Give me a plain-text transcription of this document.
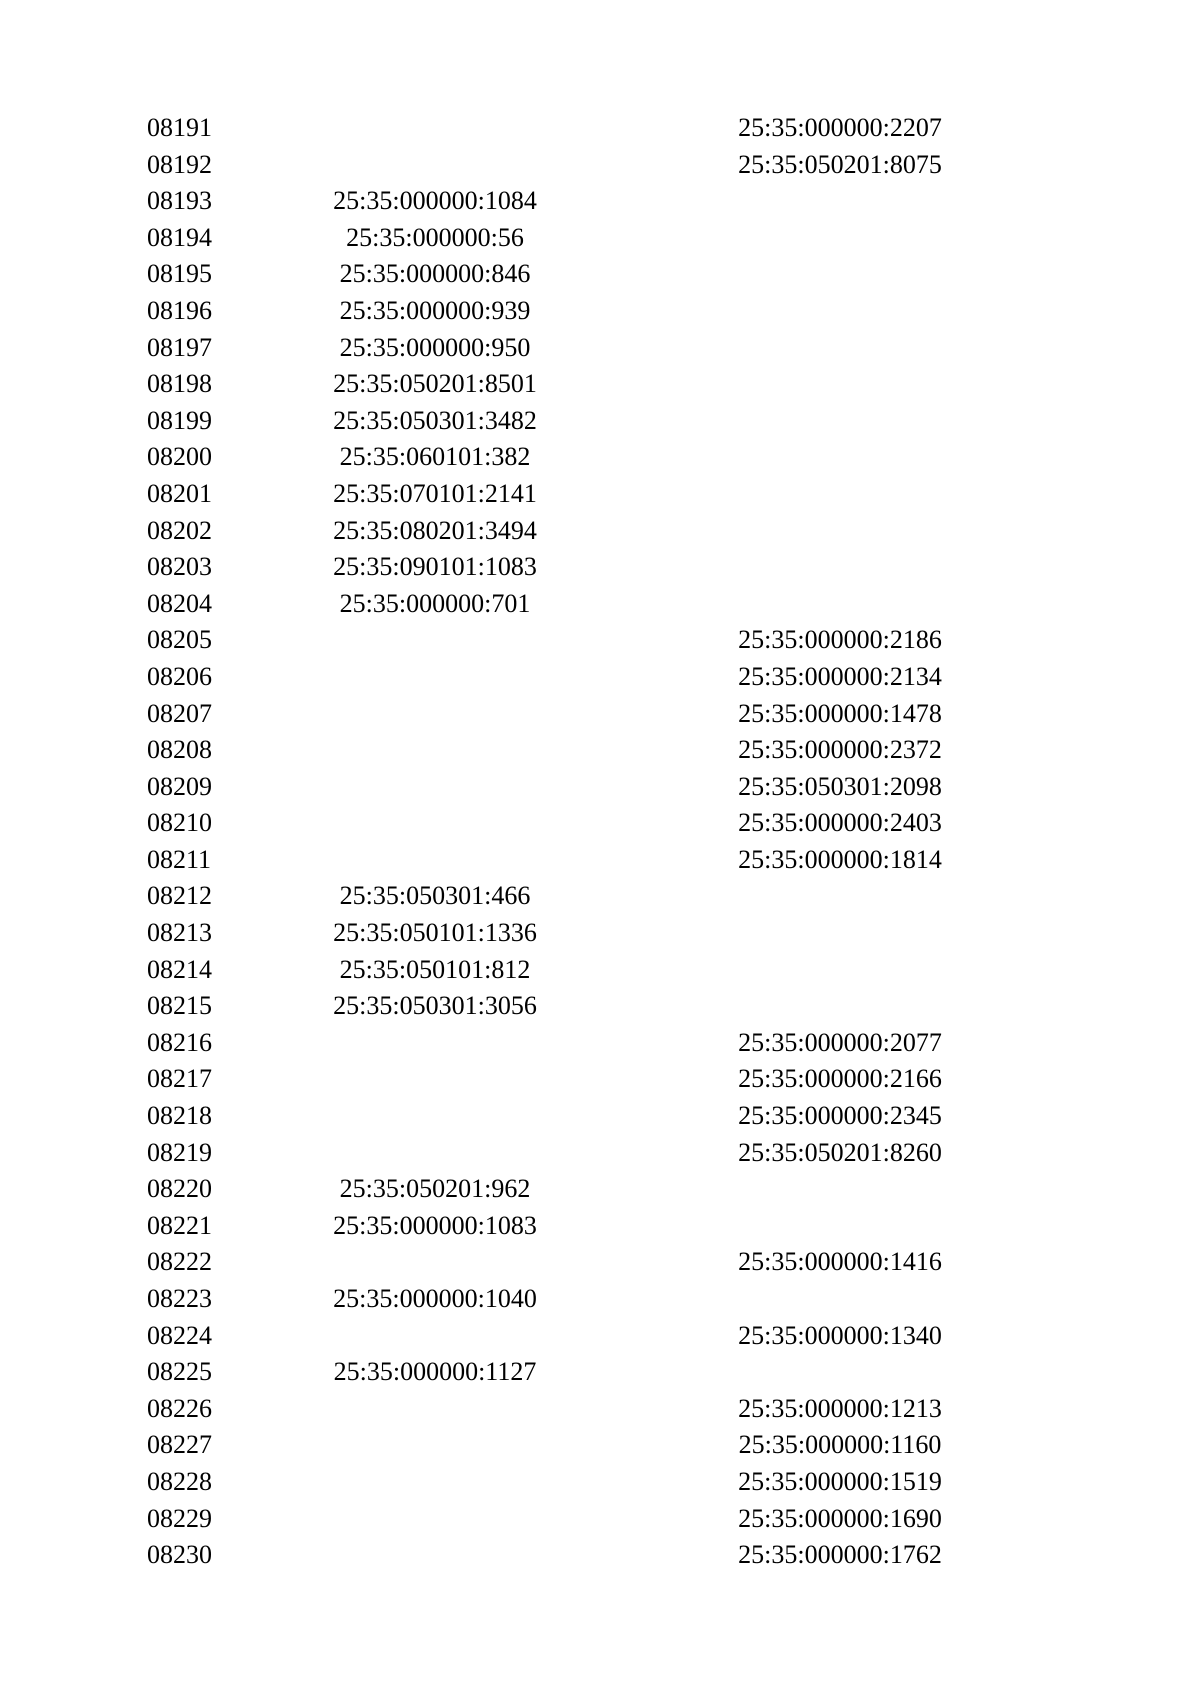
08191			25:35:000000:2207
08192			25:35:050201:8075
08193	25:35:000000:1084		
08194	25:35:000000:56		
08195	25:35:000000:846		
08196	25:35:000000:939		
08197	25:35:000000:950		
08198	25:35:050201:8501		
08199	25:35:050301:3482		
08200	25:35:060101:382		
08201	25:35:070101:2141		
08202	25:35:080201:3494		
08203	25:35:090101:1083		
08204	25:35:000000:701		
08205			25:35:000000:2186
08206			25:35:000000:2134
08207			25:35:000000:1478
08208			25:35:000000:2372
08209			25:35:050301:2098
08210			25:35:000000:2403
08211			25:35:000000:1814
08212	25:35:050301:466		
08213	25:35:050101:1336		
08214	25:35:050101:812		
08215	25:35:050301:3056		
08216			25:35:000000:2077
08217			25:35:000000:2166
08218			25:35:000000:2345
08219			25:35:050201:8260
08220	25:35:050201:962		
08221	25:35:000000:1083		
08222			25:35:000000:1416
08223	25:35:000000:1040		
08224			25:35:000000:1340
08225	25:35:000000:1127		
08226			25:35:000000:1213
08227			25:35:000000:1160
08228			25:35:000000:1519
08229			25:35:000000:1690
08230			25:35:000000:1762
